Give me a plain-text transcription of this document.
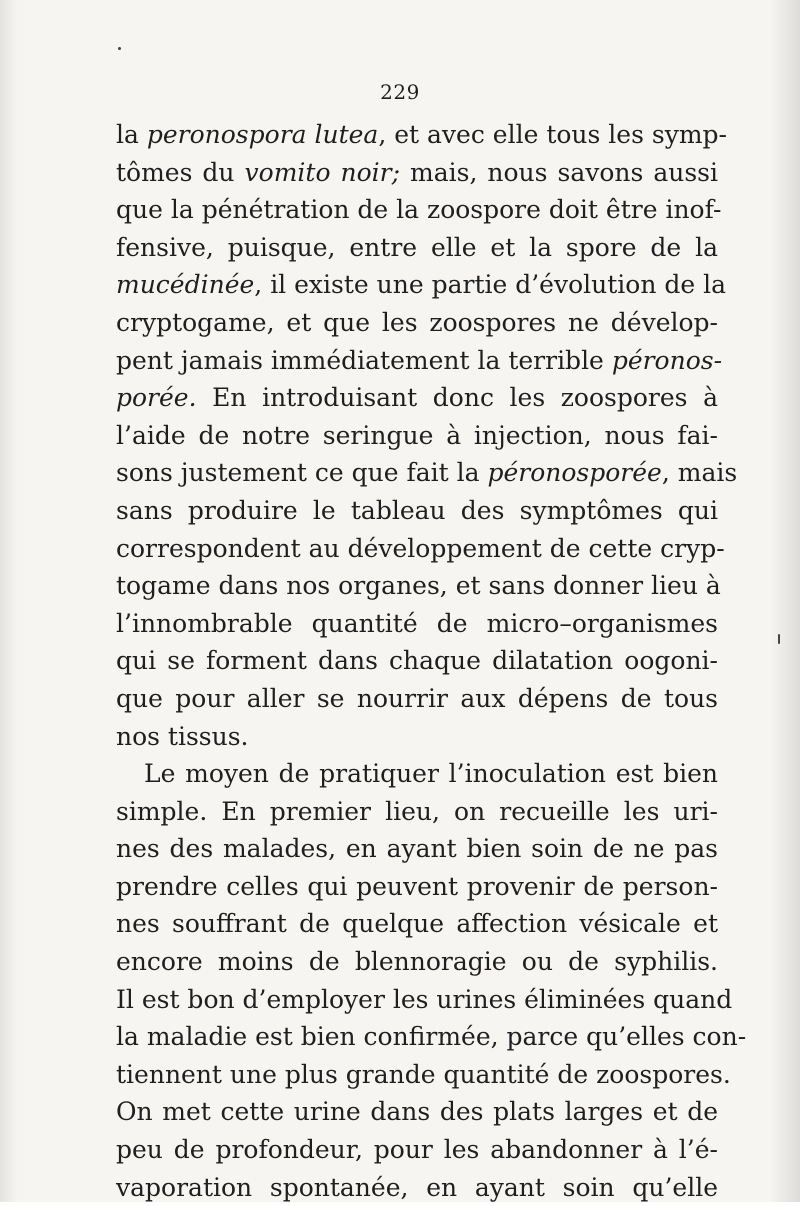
229
la peronospora lutea, et avec elle tous les symp-
tômes du vomito noir; mais, nous savons aussi
que la pénétration de la zoospore doit être inof-
fensive, puisque, entre elle et la spore de la
mucédinée, il existe une partie d’évolution de la
cryptogame, et que les zoospores ne dévelop-
pent jamais immédiatement la terrible péronos-
porée. En introduisant donc les zoospores à
l’aide de notre seringue à injection, nous fai-
sons justement ce que fait la péronosporée, mais
sans produire le tableau des symptômes qui
correspondent au développement de cette cryp-
togame dans nos organes, et sans donner lieu à
l’innombrable quantité de micro–organismes
qui se forment dans chaque dilatation oogoni-
que pour aller se nourrir aux dépens de tous
nos tissus.
Le moyen de pratiquer l’inoculation est bien
simple. En premier lieu, on recueille les uri-
nes des malades, en ayant bien soin de ne pas
prendre celles qui peuvent provenir de person-
nes souffrant de quelque affection vésicale et
encore moins de blennoragie ou de syphilis.
Il est bon d’employer les urines éliminées quand
la maladie est bien confirmée, parce qu’elles con-
tiennent une plus grande quantité de zoospores.
On met cette urine dans des plats larges et de
peu de profondeur, pour les abandonner à l’é-
vaporation spontanée, en ayant soin qu’elle
